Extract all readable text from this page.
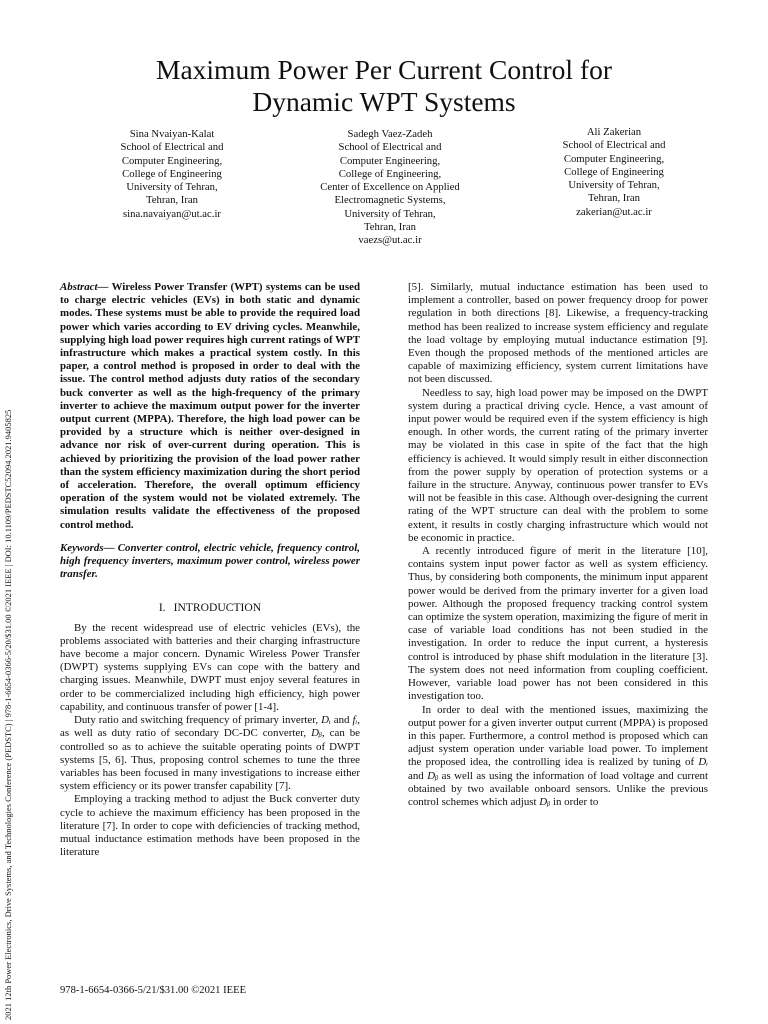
2021 12th Power Electronics, Drive Systems, and Technologies Conference (PEDSTC) | 978-1-6654-0366-5/20/$31.00 ©2021 IEEE | DOI: 10.1109/PEDSTC52094.2021.9405825
Maximum Power Per Current Control for
Dynamic WPT Systems
Sina Nvaiyan-Kalat
School of Electrical and
Computer Engineering,
College of Engineering
University of Tehran,
Tehran, Iran
sina.navaiyan@ut.ac.ir
Sadegh Vaez-Zadeh
School of Electrical and
Computer Engineering,
College of Engineering,
Center of Excellence on Applied
Electromagnetic Systems,
University of Tehran,
Tehran, Iran
vaezs@ut.ac.ir
Ali Zakerian
School of Electrical and
Computer Engineering,
College of Engineering
University of Tehran,
Tehran, Iran
zakerian@ut.ac.ir

Abstract— Wireless Power Transfer (WPT) systems can be used to charge electric vehicles (EVs) in both static and dynamic modes. These systems must be able to provide the required load power which varies according to EV driving cycles. Meanwhile, supplying high load power requires high current ratings of WPT infrastructure which makes a practical system costly. In this paper, a control method is proposed in order to deal with the issue. The control method adjusts duty ratios of the secondary buck converter as well as the high-frequency of the primary inverter to achieve the maximum output power for the inverter output current (MPPA). Therefore, the high load power can be provided by a structure which is neither over-designed in advance nor risk of over-current during operation. This is achieved by prioritizing the provision of the load power rather than the system efficiency maximization during the short period of acceleration. Therefore, the overall optimum efficiency operation of the system would not be violated extremely. The simulation results validate the effectiveness of the proposed control method.

Keywords— Converter control, electric vehicle, frequency control, high frequency inverters, maximum power control, wireless power transfer.

I. INTRODUCTION

By the recent widespread use of electric vehicles (EVs), the problems associated with batteries and their charging infrastructure have become a major concern. Dynamic Wireless Power Transfer (DWPT) systems supplying EVs can cope with the battery and charging issues. Meanwhile, DWPT must enjoy several features in order to be commercialized including high efficiency, high power capability, and continuous transfer of power [1-4].

Duty ratio and switching frequency of primary inverter, Dᵢ and fᵢ, as well as duty ratio of secondary DC-DC converter, Dᵦ, can be controlled so as to achieve the suitable operating points of DWPT systems [5, 6]. Thus, proposing control schemes to tune the three variables has been focused in many investigations to increase either system efficiency or its power transfer capability [7].

Employing a tracking method to adjust the Buck converter duty cycle to achieve the maximum efficiency has been proposed in the literature [7]. In order to cope with deficiencies of tracking method, mutual inductance estimation methods have been proposed in the literature

[5]. Similarly, mutual inductance estimation has been used to implement a controller, based on power frequency droop for power regulation in both directions [8]. Likewise, a frequency-tracking method has been realized to increase system efficiency and regulate the load voltage by employing mutual inductance estimation [9]. Even though the proposed methods of the mentioned articles are capable of maximizing efficiency, system current limitations have not been discussed.

Needless to say, high load power may be imposed on the DWPT system during a practical driving cycle. Hence, a vast amount of input power would be required even if the system efficiency is high enough. In other words, the current rating of the primary inverter may be violated in this case in spite of the fact that the high efficiency is achieved. It would simply result in either disconnection from the power supply by operation of protection systems or a failure in the structure. Anyway, continuous power transfer to EVs will not be feasible in this case. Although over-designing the current rating of the WPT structure can deal with the problem to some extent, it results in costly charging infrastructure which would not be economic in practice.

A recently introduced figure of merit in the literature [10], contains system input power factor as well as system efficiency. Thus, by considering both components, the minimum input apparent power would be derived from the primary inverter for a given load power. Although the proposed frequency tracking control system can optimize the system operation, maximizing the figure of merit in case of variable load conditions has not been studied in the investigation. In order to reduce the input current, a hysteresis control is introduced by phase shift modulation in the literature [3]. The system does not need information from coupling coefficient. However, variable load power has not been considered in this investigation too.

In order to deal with the mentioned issues, maximizing the output power for a given inverter output current (MPPA) is proposed in this paper. Furthermore, a control method is proposed which can adjust system operation under variable load power. To implement the proposed idea, the controlling idea is realized by tuning of Dᵢ and Dᵦ as well as using the information of load voltage and current obtained by two available onboard sensors. Unlike the previous control schemes which adjust Dᵦ in order to

978-1-6654-0366-5/21/$31.00 ©2021 IEEE
